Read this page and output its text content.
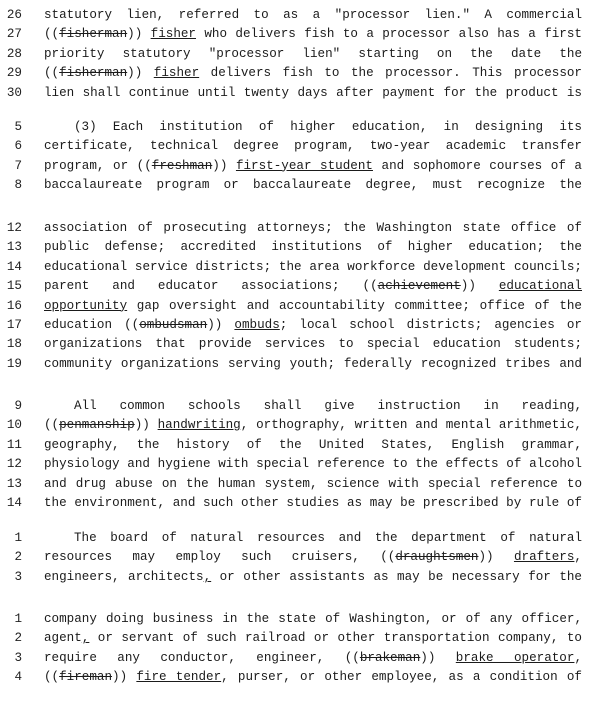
26 statutory lien, referred to as a "processor lien." A commercial
27 ((fisherman)) fisher who delivers fish to a processor also has a first
28 priority statutory "processor lien" starting on the date the
29 ((fisherman)) fisher delivers fish to the processor. This processor
30 lien shall continue until twenty days after payment for the product is
5	(3) Each institution of higher education, in designing its
6 certificate, technical degree program, two-year academic transfer
7 program, or ((freshman)) first-year student and sophomore courses of a
8 baccalaureate program or baccalaureate degree, must recognize the
12 association of prosecuting attorneys; the Washington state office of
13 public defense; accredited institutions of higher education; the
14 educational service districts; the area workforce development councils;
15 parent and educator associations; ((achievement)) educational
16 opportunity gap oversight and accountability committee; office of the
17 education ((ombudsman)) ombuds; local school districts; agencies or
18 organizations that provide services to special education students;
19 community organizations serving youth; federally recognized tribes and
9	All common schools shall give instruction in reading,
10 ((penmanship)) handwriting, orthography, written and mental arithmetic,
11 geography, the history of the United States, English grammar,
12 physiology and hygiene with special reference to the effects of alcohol
13 and drug abuse on the human system, science with special reference to
14 the environment, and such other studies as may be prescribed by rule of
1	The board of natural resources and the department of natural
2 resources may employ such cruisers, ((draughtsmen)) drafters,
3 engineers, architects, or other assistants as may be necessary for the
1 company doing business in the state of Washington, or of any officer,
2 agent, or servant of such railroad or other transportation company, to
3 require any conductor, engineer, ((brakeman)) brake operator,
4 ((fireman)) fire tender, purser, or other employee, as a condition of
